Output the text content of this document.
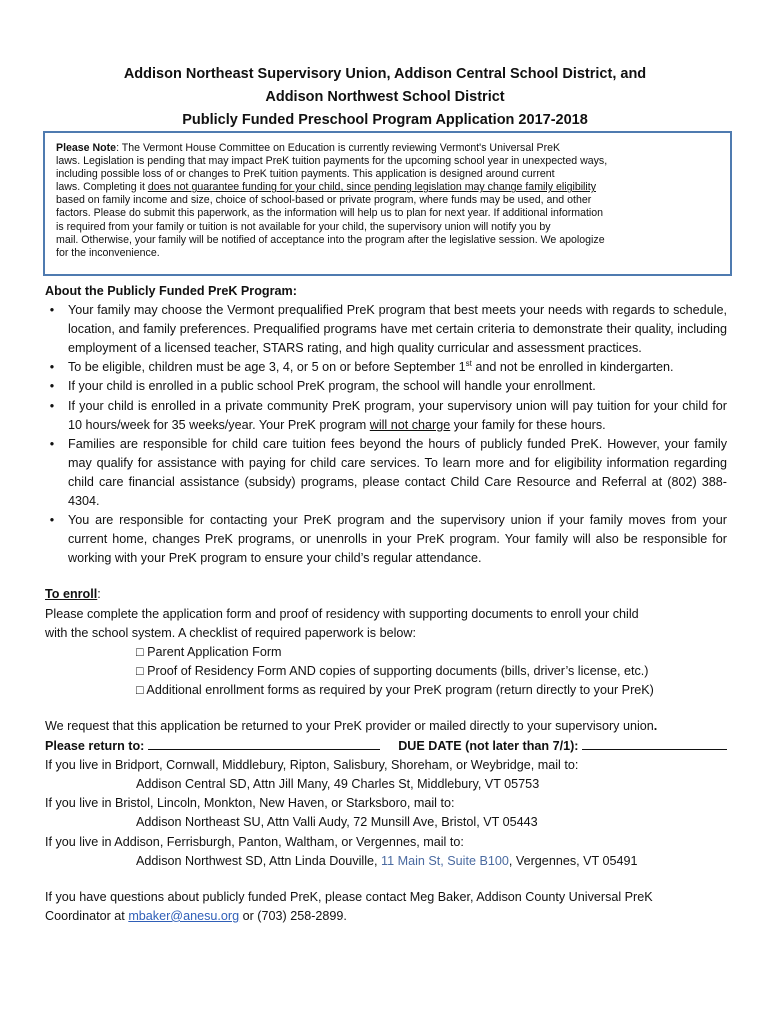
Addison Northeast Supervisory Union, Addison Central School District, and
Addison Northwest School District
Publicly Funded Preschool Program Application 2017-2018
Please Note: The Vermont House Committee on Education is currently reviewing Vermont's Universal PreK
laws. Legislation is pending that may impact PreK tuition payments for the upcoming school year in unexpected ways,
including possible loss of or changes to PreK tuition payments. This application is designed around current
laws. Completing it does not guarantee funding for your child, since pending legislation may change family eligibility
based on family income and size, choice of school-based or private program, where funds may be used, and other
factors. Please do submit this paperwork, as the information will help us to plan for next year. If additional information
is required from your family or tuition is not available for your child, the supervisory union will notify you by
mail. Otherwise, your family will be notified of acceptance into the program after the legislative session. We apologize
for the inconvenience.

About the Publicly Funded PreK Program:

•	Your family may choose the Vermont prequalified PreK program that best meets your needs with regards to schedule, location, and family preferences. Prequalified programs have met certain criteria to demonstrate their quality, including employment of a licensed teacher, STARS rating, and high quality curricular and assessment practices.
•	To be eligible, children must be age 3, 4, or 5 on or before September 1st and not be enrolled in kindergarten.
•	If your child is enrolled in a public school PreK program, the school will handle your enrollment.
•	If your child is enrolled in a private community PreK program, your supervisory union will pay tuition for your child for 10 hours/week for 35 weeks/year. Your PreK program will not charge your family for these hours.
•	Families are responsible for child care tuition fees beyond the hours of publicly funded PreK. However, your family may qualify for assistance with paying for child care services. To learn more and for eligibility information regarding child care financial assistance (subsidy) programs, please contact Child Care Resource and Referral at (802) 388-4304.
•	You are responsible for contacting your PreK program and the supervisory union if your family moves from your current home, changes PreK programs, or unenrolls in your PreK program. Your family will also be responsible for working with your PreK program to ensure your child’s regular attendance.
To enroll:
Please complete the application form and proof of residency with supporting documents to enroll your child
with the school system. A checklist of required paperwork is below:
□ Parent Application Form
□ Proof of Residency Form AND copies of supporting documents (bills, driver’s license, etc.)
□ Additional enrollment forms as required by your PreK program (return directly to your PreK)
We request that this application be returned to your PreK provider or mailed directly to your supervisory union.
Please return to:	DUE DATE (not later than 7/1):
If you live in Bridport, Cornwall, Middlebury, Ripton, Salisbury, Shoreham, or Weybridge, mail to:
Addison Central SD, Attn Jill Many, 49 Charles St, Middlebury, VT 05753
If you live in Bristol, Lincoln, Monkton, New Haven, or Starksboro, mail to:
Addison Northeast SU, Attn Valli Audy, 72 Munsill Ave, Bristol, VT 05443
If you live in Addison, Ferrisburgh, Panton, Waltham, or Vergennes, mail to:
Addison Northwest SD, Attn Linda Douville, 11 Main St, Suite B100, Vergennes, VT 05491
If you have questions about publicly funded PreK, please contact Meg Baker, Addison County Universal PreK
Coordinator at mbaker@anesu.org or (703) 258-2899.
